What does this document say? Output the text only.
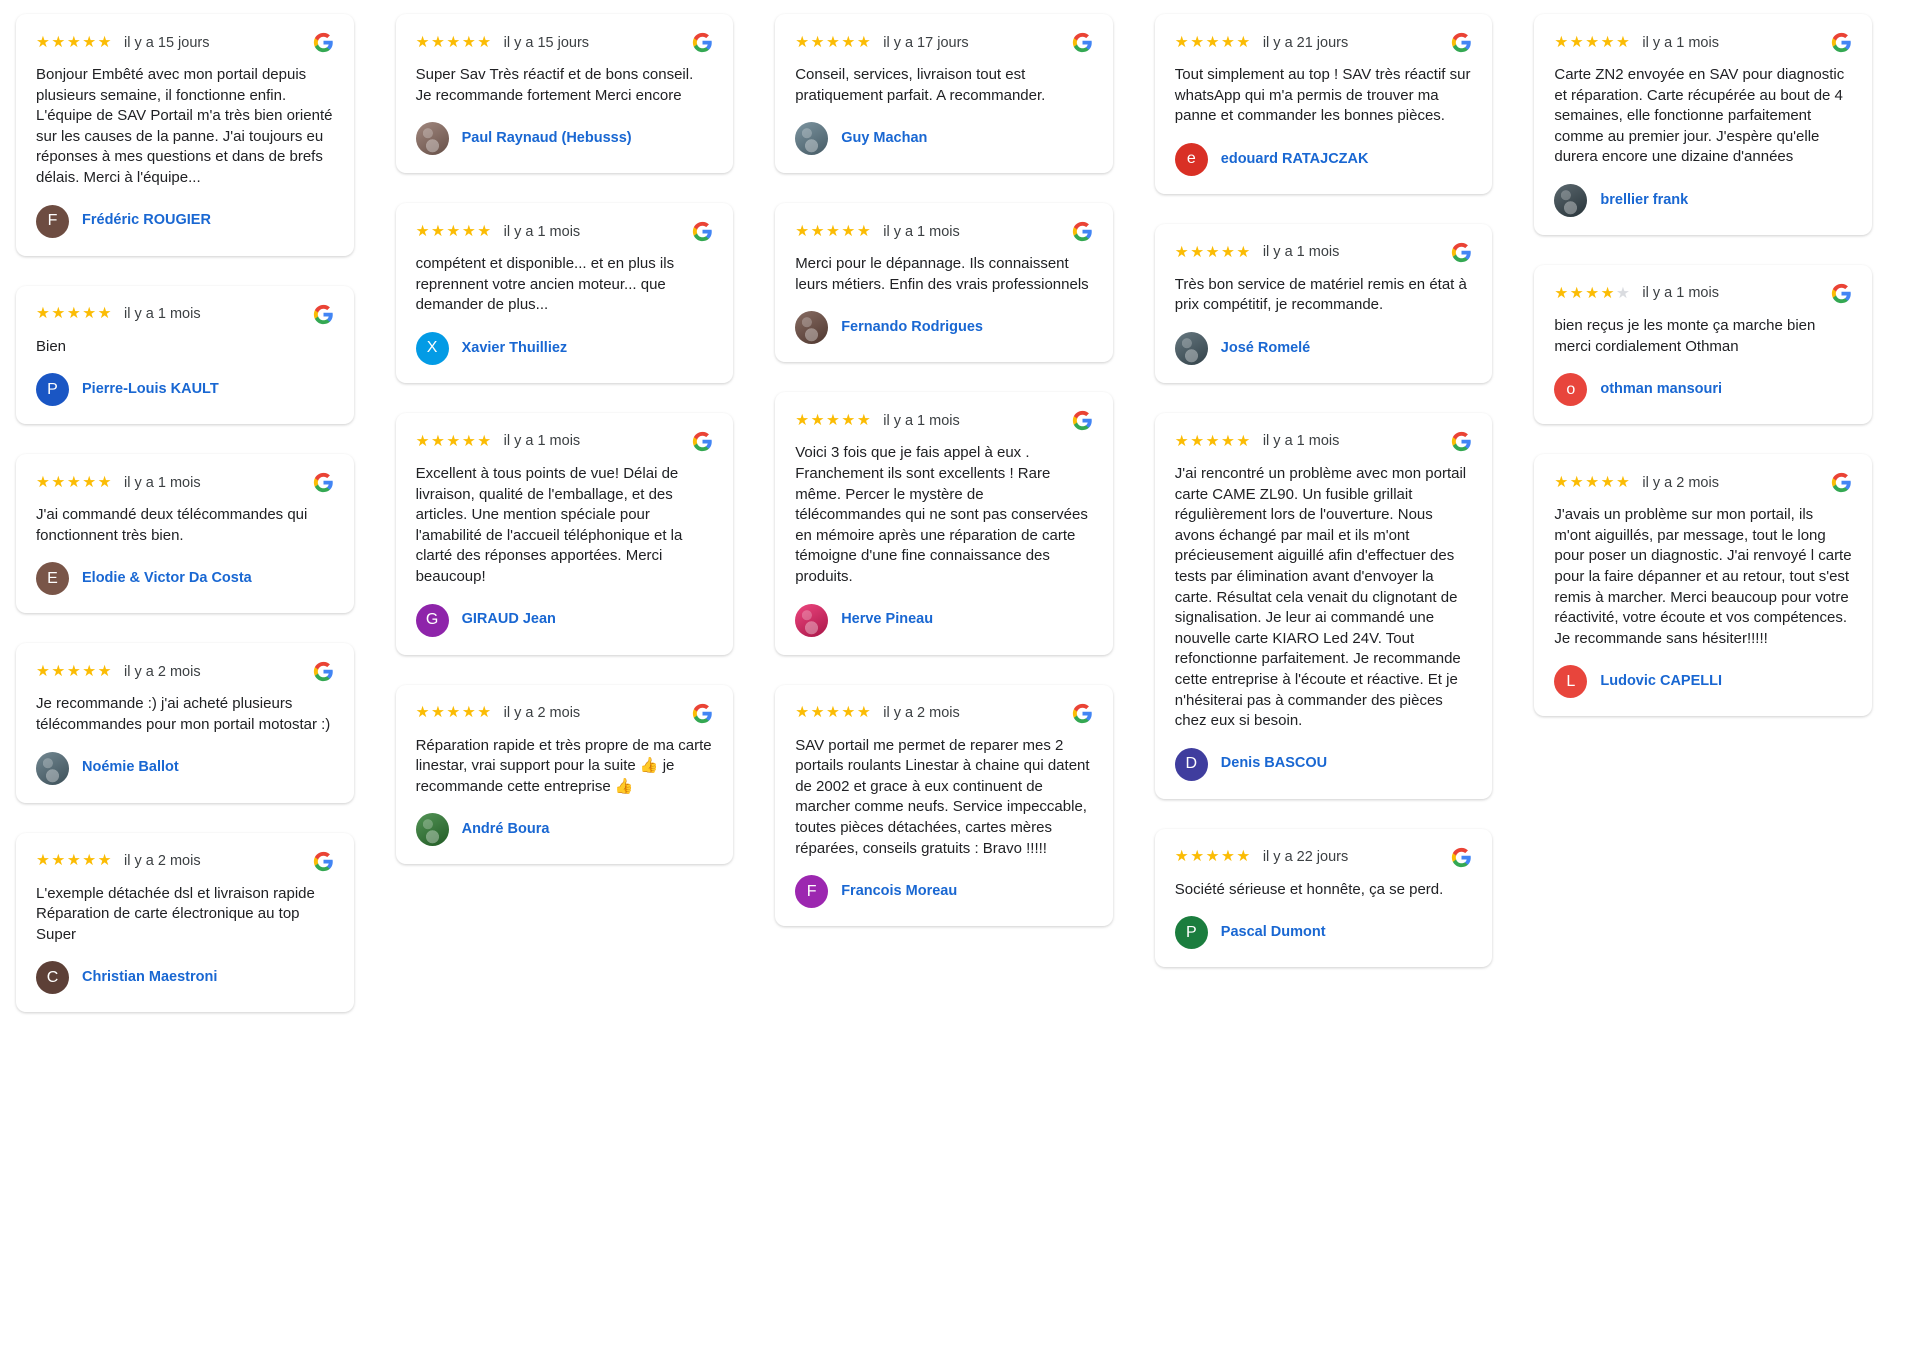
★★★★★ il y a 15 jours

Bonjour Embêté avec mon portail depuis plusieurs semaine, il fonctionne enfin. L'équipe de SAV Portail m'a très bien orienté sur les causes de la panne. J'ai toujours eu réponses à mes questions et dans de brefs délais. Merci à l'équipe...

F	Frédéric ROUGIER
★★★★★ il y a 1 mois

Bien

P	Pierre-Louis KAULT
★★★★★ il y a 1 mois

J'ai commandé deux télécommandes qui fonctionnent très bien.

E	Elodie & Victor Da Costa
★★★★★ il y a 2 mois

Je recommande :) j'ai acheté plusieurs télécommandes pour mon portail motostar :)

Noémie Ballot
★★★★★ il y a 2 mois

L'exemple détachée dsl et livraison rapide Réparation de carte électronique au top Super

C	Christian Maestroni
★★★★★ il y a 15 jours

Super Sav Très réactif et de bons conseil. Je recommande fortement Merci encore

Paul Raynaud (Hebusss)
★★★★★ il y a 1 mois

compétent et disponible... et en plus ils reprennent votre ancien moteur... que demander de plus...

X	Xavier Thuilliez
★★★★★ il y a 1 mois

Excellent à tous points de vue! Délai de livraison, qualité de l'emballage, et des articles. Une mention spéciale pour l'amabilité de l'accueil téléphonique et la clarté des réponses apportées. Merci beaucoup!

G	GIRAUD Jean
★★★★★ il y a 2 mois

Réparation rapide et très propre de ma carte linestar, vrai support pour la suite 👍 je recommande cette entreprise 👍

André Boura
★★★★★ il y a 17 jours

Conseil, services, livraison tout est pratiquement parfait. A recommander.

Guy Machan
★★★★★ il y a 1 mois

Merci pour le dépannage. Ils connaissent leurs métiers. Enfin des vrais professionnels

Fernando Rodrigues
★★★★★ il y a 1 mois

Voici 3 fois que je fais appel à eux . Franchement ils sont excellents ! Rare même. Percer le mystère de télécommandes qui ne sont pas conservées en mémoire après une réparation de carte témoigne d'une fine connaissance des produits.

Herve Pineau
★★★★★ il y a 2 mois

SAV portail me permet de reparer mes 2 portails roulants Linestar à chaine qui datent de 2002 et grace à eux continuent de marcher comme neufs. Service impeccable, toutes pièces détachées, cartes mères réparées, conseils gratuits : Bravo !!!!!

F	Francois Moreau
★★★★★ il y a 21 jours

Tout simplement au top ! SAV très réactif sur whatsApp qui m'a permis de trouver ma panne et commander les bonnes pièces.

e	edouard RATAJCZAK
★★★★★ il y a 1 mois

Très bon service de matériel remis en état à prix compétitif, je recommande.

José Romelé
★★★★★ il y a 1 mois

J'ai rencontré un problème avec mon portail carte CAME ZL90. Un fusible grillait régulièrement lors de l'ouverture. Nous avons échangé par mail et ils m'ont précieusement aiguillé afin d'effectuer des tests par élimination avant d'envoyer la carte. Résultat cela venait du clignotant de signalisation. Je leur ai commandé une nouvelle carte KIARO Led 24V. Tout refonctionne parfaitement. Je recommande cette entreprise à l'écoute et réactive. Et je n'hésiterai pas à commander des pièces chez eux si besoin.

D	Denis BASCOU
★★★★★ il y a 22 jours

Société sérieuse et honnête, ça se perd.

P	Pascal Dumont
★★★★★ il y a 1 mois

Carte ZN2 envoyée en SAV pour diagnostic et réparation. Carte récupérée au bout de 4 semaines, elle fonctionne parfaitement comme au premier jour. J'espère qu'elle durera encore une dizaine d'années

brellier frank
★★★★★ il y a 1 mois

bien reçus je les monte ça marche bien merci cordialement Othman

o	othman mansouri
★★★★★ il y a 2 mois

J'avais un problème sur mon portail, ils m'ont aiguillés, par message, tout le long pour poser un diagnostic. J'ai renvoyé l carte pour la faire dépanner et au retour, tout s'est remis à marcher. Merci beaucoup pour votre réactivité, votre écoute et vos compétences. Je recommande sans hésiter!!!!!

L	Ludovic CAPELLI
